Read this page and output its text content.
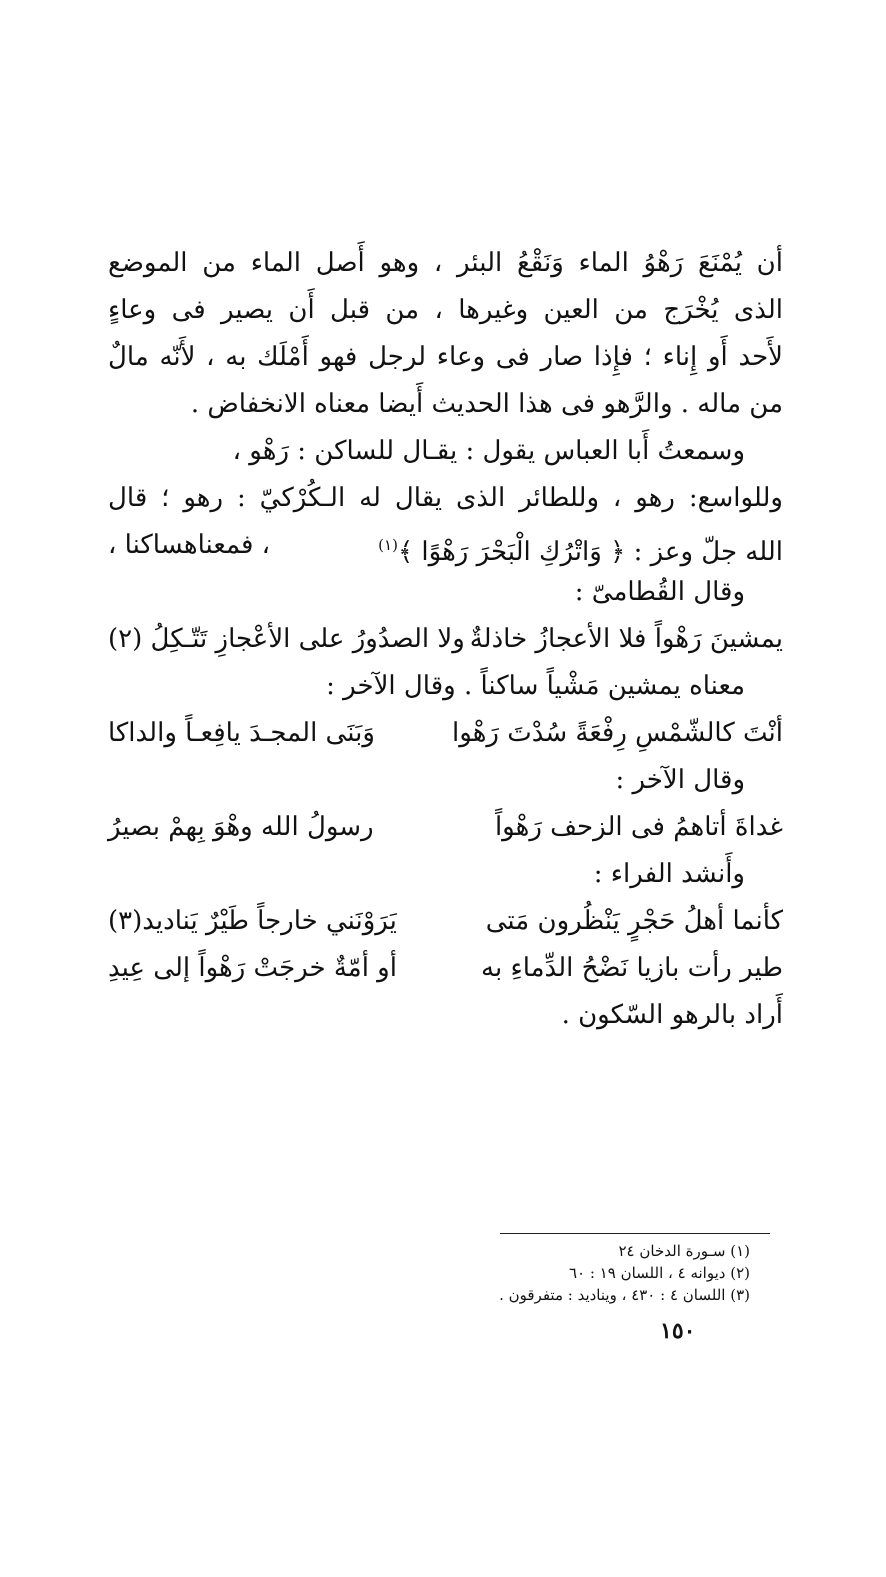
أن يُمْنَعَ رَهْوُ الماء وَنَقْعُ البئر ، وهو أَصل الماء من الموضع
الذى يُخْرَج من العين وغيرها ، من قبل أَن يصير فى وعاءٍ
لأَحد أَو إِناء ؛ فإِذا صار فى وعاء لرجل فهو أَمْلَك به ، لأَنّه مالٌ
من ماله . والرَّهو فى هذا الحديث أَيضا معناه الانخفاض .
وسمعتُ أَبا العباس يقول : يقـال للساكن : رَهْو ،
وللواسع: رهو ، وللطائر الذى يقال له الـكُرْكيّ : رهو ؛ قال
الله جلّ وعز : ﴿ وَاتْرُكِ الْبَحْرَ رَهْوًا ﴾$^{(١)}$
، فمعناهساكنا ،
وقال القُطامىّ :
يمشينَ رَهْواً فلا الأعجازُ خاذلةٌ
ولا الصدُورُ على الأعْجازِ تَتّـكِلُ (٢)
معناه يمشين مَشْياً ساكناً . وقال الآخر :
أنْتَ كالشّمْسِ رِفْعَةً سُدْتَ رَهْوا
وَبَنَى المجـدَ يافِعـاً والداكا
وقال الآخر :
غداةَ أتاهمُ فى الزحف رَهْواً
رسولُ الله وهْوَ بِهمْ بصيرُ
وأَنشد الفراء :
كأنما أهلُ حَجْرٍ يَنْظُرون مَتى
يَرَوْنَني خارجاً طَيْرٌ يَناديد(٣)
طير رأت بازيا نَضْحُ الدِّماءِ به
أو أمّةٌ خرجَتْ رَهْواً إلى عِيدِ
أَراد بالرهو السّكون .
(١) سـورة الدخان ٢٤
(٢) ديوانه ٤ ، اللسان ١٩ : ٦٠
(٣) اللسان ٤ : ٤٣٠ ، ويناديد : متفرقون .
١٥٠
